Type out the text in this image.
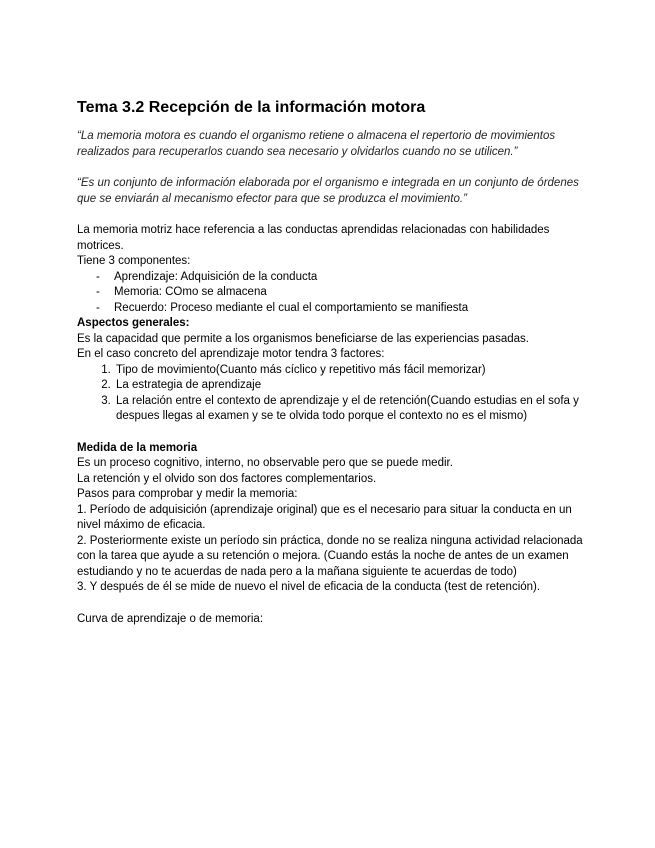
Tema 3.2 Recepción de la información motora

“La memoria motora es cuando el organismo retiene o almacena el repertorio de movimientos realizados para recuperarlos cuando sea necesario y olvidarlos cuando no se utilicen.”

“Es un conjunto de información elaborada por el organismo e integrada en un conjunto de órdenes que se enviarán al mecanismo efector para que se produzca el movimiento.”

La memoria motriz hace referencia a las conductas aprendidas relacionadas con habilidades motrices.

Tiene 3 componentes:

- Aprendizaje: Adquisición de la conducta
- Memoria: COmo se almacena
- Recuerdo: Proceso mediante el cual el comportamiento se manifiesta

Aspectos generales:

Es la capacidad que permite a los organismos beneficiarse de las experiencias pasadas.

En el caso concreto del aprendizaje motor tendra 3 factores:

1. Tipo de movimiento(Cuanto más cíclico y repetitivo más fácil memorizar)
2. La estrategia de aprendizaje
3. La relación entre el contexto de aprendizaje y el de retención(Cuando estudias en el sofa y despues llegas al examen y se te olvida todo porque el contexto no es el mismo)

Medida de la memoria

Es un proceso cognitivo, interno, no observable pero que se puede medir.

La retención y el olvido son dos factores complementarios.

Pasos para comprobar y medir la memoria:

1. Período de adquisición (aprendizaje original) que es el necesario para situar la conducta en un nivel máximo de eficacia.

2. Posteriormente existe un período sin práctica, donde no se realiza ninguna actividad relacionada con la tarea que ayude a su retención o mejora. (Cuando estás la noche de antes de un examen estudiando y no te acuerdas de nada pero a la mañana siguiente te acuerdas de todo)

3. Y después de él se mide de nuevo el nivel de eficacia de la conducta (test de retención).

Curva de aprendizaje o de memoria:
